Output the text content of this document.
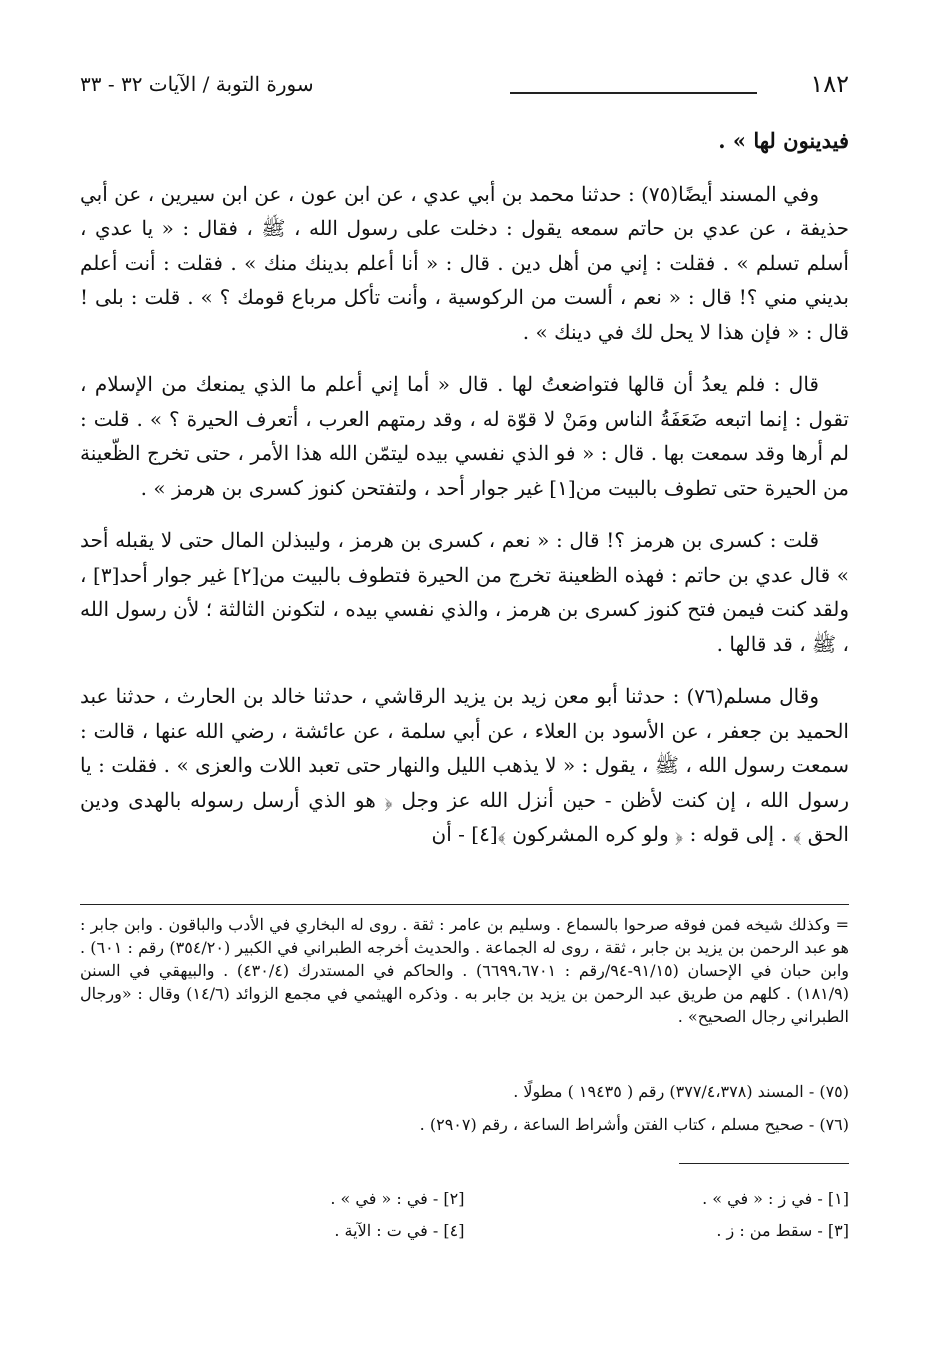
١٨٢
سورة التوبة / الآيات ٣٢ - ٣٣

فيدينون لها » .

وفي المسند أيضًا(٧٥) : حدثنا محمد بن أبي عدي ، عن ابن عون ، عن ابن سيرين ، عن أبي حذيفة ، عن عدي بن حاتم سمعه يقول : دخلت على رسول الله ، ﷺ ، فقال : « يا عدي ، أسلم تسلم » . فقلت : إني من أهل دين . قال : « أنا أعلم بدينك منك » . فقلت : أنت أعلم بديني مني ؟! قال : « نعم ، ألست من الركوسية ، وأنت تأكل مرباع قومك ؟ » . قلت : بلى ! قال : « فإن هذا لا يحل لك في دينك » .

قال : فلم يعدُ أن قالها فتواضعتُ لها . قال « أما إني أعلم ما الذي يمنعك من الإسلام ، تقول : إنما اتبعه ضَعَفَةُ الناس ومَنْ لا قوّة له ، وقد رمتهم العرب ، أتعرف الحيرة ؟ » . قلت : لم أرها وقد سمعت بها . قال : « فو الذي نفسي بيده ليتمّن الله هذا الأمر ، حتى تخرج الظّعينة من الحيرة حتى تطوف بالبيت من[١] غير جوار أحد ، ولتفتحن كنوز كسرى بن هرمز » .

قلت : كسرى بن هرمز ؟! قال : « نعم ، كسرى بن هرمز ، وليبذلن المال حتى لا يقبله أحد » قال عدي بن حاتم : فهذه الظعينة تخرج من الحيرة فتطوف بالبيت من[٢] غير جوار أحد[٣] ، ولقد كنت فيمن فتح كنوز كسرى بن هرمز ، والذي نفسي بيده ، لتكونن الثالثة ؛ لأن رسول الله ، ﷺ ، قد قالها .

وقال مسلم(٧٦) : حدثنا أبو معن زيد بن يزيد الرقاشي ، حدثنا خالد بن الحارث ، حدثنا عبد الحميد بن جعفر ، عن الأسود بن العلاء ، عن أبي سلمة ، عن عائشة ، رضي الله عنها ، قالت : سمعت رسول الله ، ﷺ ، يقول : « لا يذهب الليل والنهار حتى تعبد اللات والعزى » . فقلت : يا رسول الله ، إن كنت لأظن - حين أنزل الله عز وجل ﴿ هو الذي أرسل رسوله بالهدى ودين الحق ﴾ . إلى قوله : ﴿ ولو كره المشركون ﴾[٤] - أن

= وكذلك شيخه فمن فوقه صرحوا بالسماع . وسليم بن عامر : ثقة . روى له البخاري في الأدب والباقون . وابن جابر : هو عبد الرحمن بن يزيد بن جابر ، ثقة ، روى له الجماعة . والحديث أخرجه الطبراني في الكبير (٣٥٤/٢٠) رقم : ٦٠١) . وابن حبان في الإحسان (٩١/١٥-٩٤/رقم : ٦٦٩٩،٦٧٠١) . والحاكم في المستدرك (٤٣٠/٤) . والبيهقي في السنن (١٨١/٩) . كلهم من طريق عبد الرحمن بن يزيد بن جابر به . وذكره الهيثمي في مجمع الزوائد (١٤/٦) وقال : «ورجال الطبراني رجال الصحيح» .

(٧٥) - المسند (٣٧٧/٤،٣٧٨) رقم ( ١٩٤٣٥ ) مطولًا .

(٧٦) - صحيح مسلم ، كتاب الفتن وأشراط الساعة ، رقم (٢٩٠٧) .

[١] - في ز : « في » .
[٢] - في : « في » .
[٣] - سقط من : ز .
[٤] - في ت : الآية .
